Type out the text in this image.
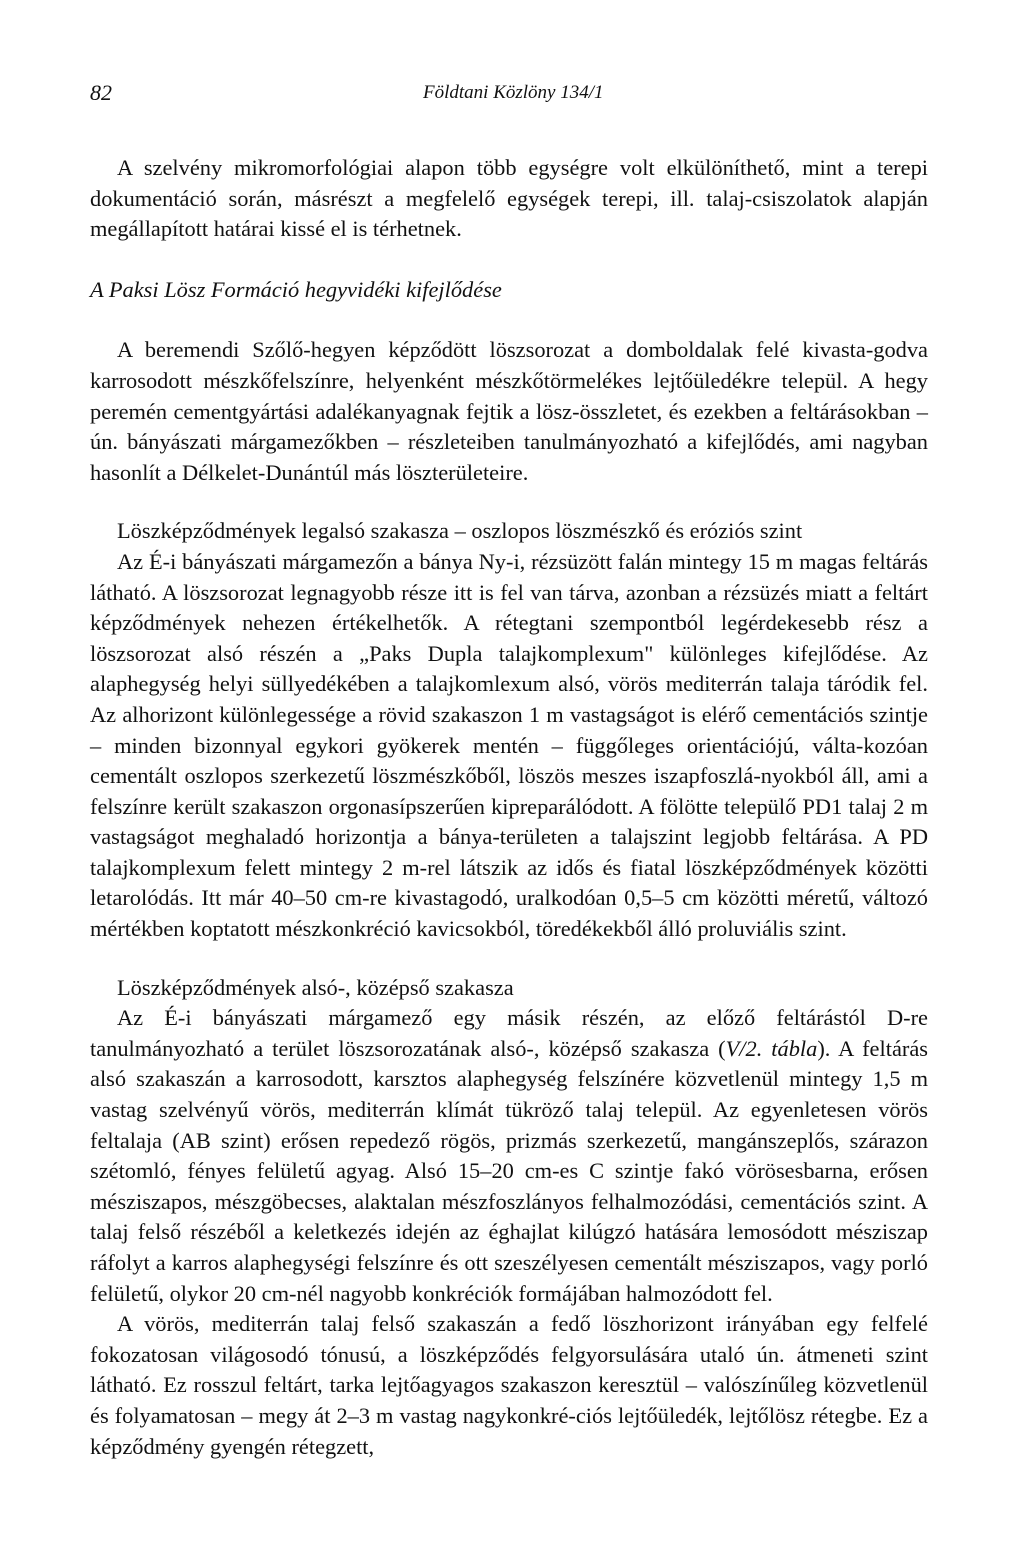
82	Földtani Közlöny 134/1

A szelvény mikromorfológiai alapon több egységre volt elkülöníthető, mint a terepi dokumentáció során, másrészt a megfelelő egységek terepi, ill. talaj-csiszolatok alapján megállapított határai kissé el is térhetnek.

A Paksi Lösz Formáció hegyvidéki kifejlődése

A beremendi Szőlő-hegyen képződött löszsorozat a domboldalak felé kivasta-godva karrosodott mészkőfelszínre, helyenként mészkőtörmelékes lejtőüledékre települ. A hegy peremén cementgyártási adalékanyagnak fejtik a lösz-összletet, és ezekben a feltárásokban – ún. bányászati márgamezőkben – részleteiben tanulmányozható a kifejlődés, ami nagyban hasonlít a Délkelet-Dunántúl más löszterületeire.

Löszképződmények legalsó szakasza – oszlopos löszmészkő és eróziós szint

Az É-i bányászati márgamezőn a bánya Ny-i, rézsüzött falán mintegy 15 m magas feltárás látható. A löszsorozat legnagyobb része itt is fel van tárva, azonban a rézsüzés miatt a feltárt képződmények nehezen értékelhetők. A rétegtani szempontból legérdekesebb rész a löszsorozat alsó részén a „Paks Dupla talajkomplexum" különleges kifejlődése. Az alaphegység helyi süllyedékében a talajkomlexum alsó, vörös mediterrán talaja táródik fel. Az alhorizont különlegessége a rövid szakaszon 1 m vastagságot is elérő cementációs szintje – minden bizonnyal egykori gyökerek mentén – függőleges orientációjú, válta-kozóan cementált oszlopos szerkezetű löszmészkőből, löszös meszes iszapfoszlá-nyokból áll, ami a felszínre került szakaszon orgonasípszerűen kipreparálódott. A fölötte települő PD1 talaj 2 m vastagságot meghaladó horizontja a bánya-területen a talajszint legjobb feltárása. A PD talajkomplexum felett mintegy 2 m-rel látszik az idős és fiatal löszképződmények közötti letarolódás. Itt már 40–50 cm-re kivastagodó, uralkodóan 0,5–5 cm közötti méretű, változó mértékben koptatott mészkonkréció kavicsokból, töredékekből álló proluviális szint.

Löszképződmények alsó-, középső szakasza

Az É-i bányászati márgamező egy másik részén, az előző feltárástól D-re tanulmányozható a terület löszsorozatának alsó-, középső szakasza (V/2. tábla). A feltárás alsó szakaszán a karrosodott, karsztos alaphegység felszínére közvetlenül mintegy 1,5 m vastag szelvényű vörös, mediterrán klímát tükröző talaj települ. Az egyenletesen vörös feltalaja (AB szint) erősen repedező rögös, prizmás szerkezetű, mangánszeplős, szárazon szétomló, fényes felületű agyag. Alsó 15–20 cm-es C szintje fakó vörösesbarna, erősen mésziszapos, mészgöbecses, alaktalan mészfoszlányos felhalmozódási, cementációs szint. A talaj felső részéből a keletkezés idején az éghajlat kilúgzó hatására lemosódott mésziszap ráfolyt a karros alaphegységi felszínre és ott szeszélyesen cementált mésziszapos, vagy porló felületű, olykor 20 cm-nél nagyobb konkréciók formájában halmozódott fel.

A vörös, mediterrán talaj felső szakaszán a fedő löszhorizont irányában egy felfelé fokozatosan világosodó tónusú, a löszképződés felgyorsulására utaló ún. átmeneti szint látható. Ez rosszul feltárt, tarka lejtőagyagos szakaszon keresztül – valószínűleg közvetlenül és folyamatosan – megy át 2–3 m vastag nagykonkré-ciós lejtőüledék, lejtőlösz rétegbe. Ez a képződmény gyengén rétegzett,
